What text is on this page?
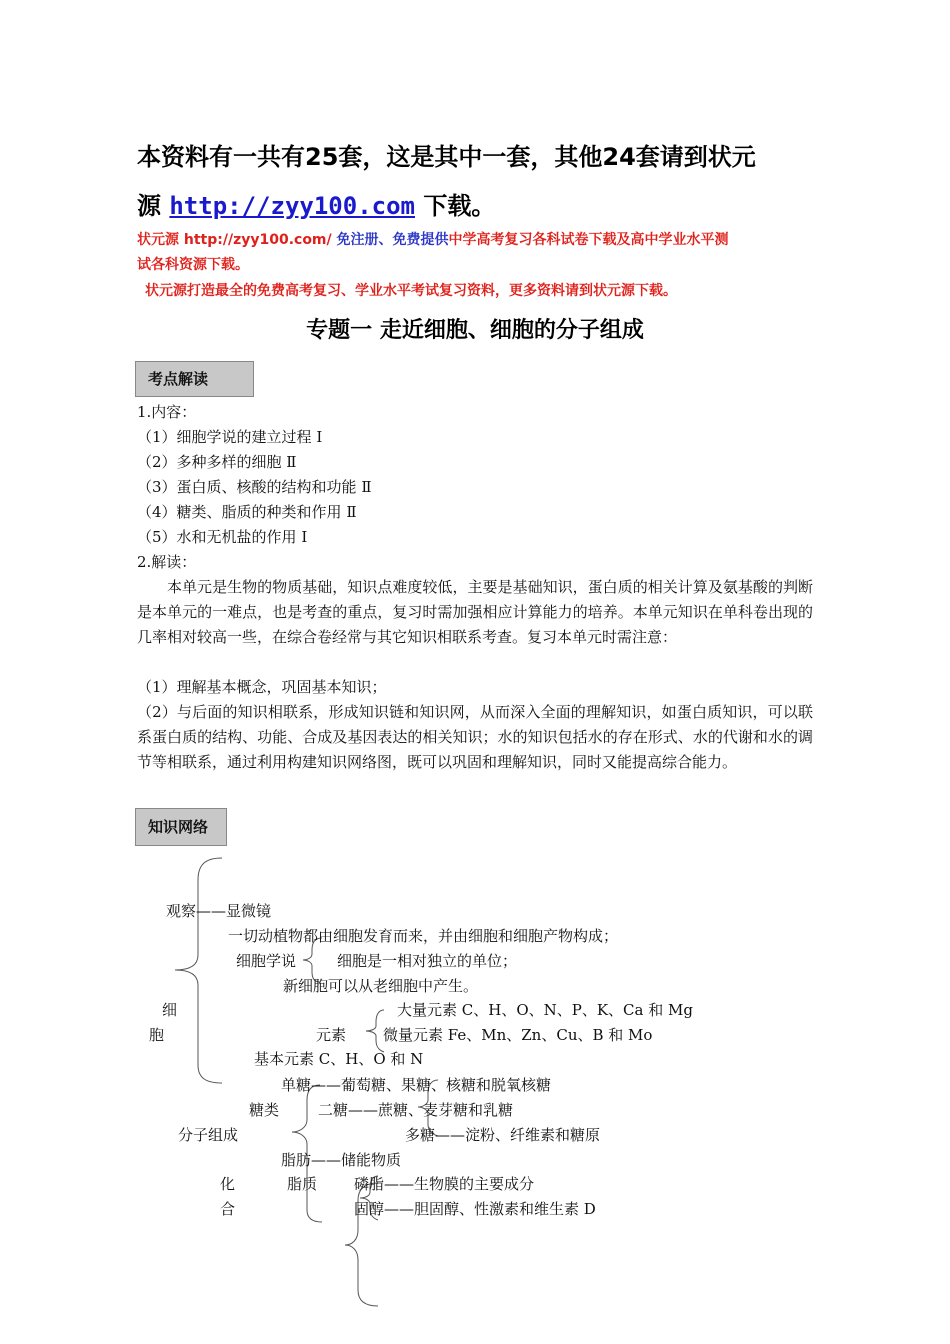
本资料有一共有25套，这是其中一套，其他24套请到状元
源 http://zyy100.com 下载。
状元源 http://zyy100.com/ 免注册、免费提供中学高考复习各科试卷下载及高中学业水平测
试各科资源下载。
状元源打造最全的免费高考复习、学业水平考试复习资料，更多资料请到状元源下载。
专题一 走近细胞、细胞的分子组成
考点解读
1.内容：
（1）细胞学说的建立过程 Ⅰ
（2）多种多样的细胞 Ⅱ
（3）蛋白质、核酸的结构和功能 Ⅱ
（4）糖类、脂质的种类和作用 Ⅱ
（5）水和无机盐的作用 Ⅰ
2.解读：
本单元是生物的物质基础，知识点难度较低，主要是基础知识，蛋白质的相关计算及氨基酸的判断是本单元的一难点，也是考查的重点，复习时需加强相应计算能力的培养。本单元知识在单科卷出现的几率相对较高一些，在综合卷经常与其它知识相联系考查。复习本单元时需注意：
（1）理解基本概念，巩固基本知识；
（2）与后面的知识相联系，形成知识链和知识网，从而深入全面的理解知识，如蛋白质知识，可以联系蛋白质的结构、功能、合成及基因表达的相关知识；水的知识包括水的存在形式、水的代谢和水的调节等相联系，通过利用构建知识网络图，既可以巩固和理解知识，同时又能提高综合能力。
知识网络
观察——显微镜
一切动植物都由细胞发育而来，并由细胞和细胞产物构成；
细胞学说	细胞是一相对独立的单位；
新细胞可以从老细胞中产生。
细	大量元素 C、H、O、N、P、K、Ca 和 Mg
胞	元素 微量元素 Fe、Mn、Zn、Cu、B 和 Mo
基本元素 C、H、O 和 N
单糖——葡萄糖、果糖、核糖和脱氧核糖
糖类	二糖——蔗糖、麦芽糖和乳糖
分子组成	多糖——淀粉、纤维素和糖原
脂肪——储能物质
化	脂质 磷脂——生物膜的主要成分
合	固醇——胆固醇、性激素和维生素 D
